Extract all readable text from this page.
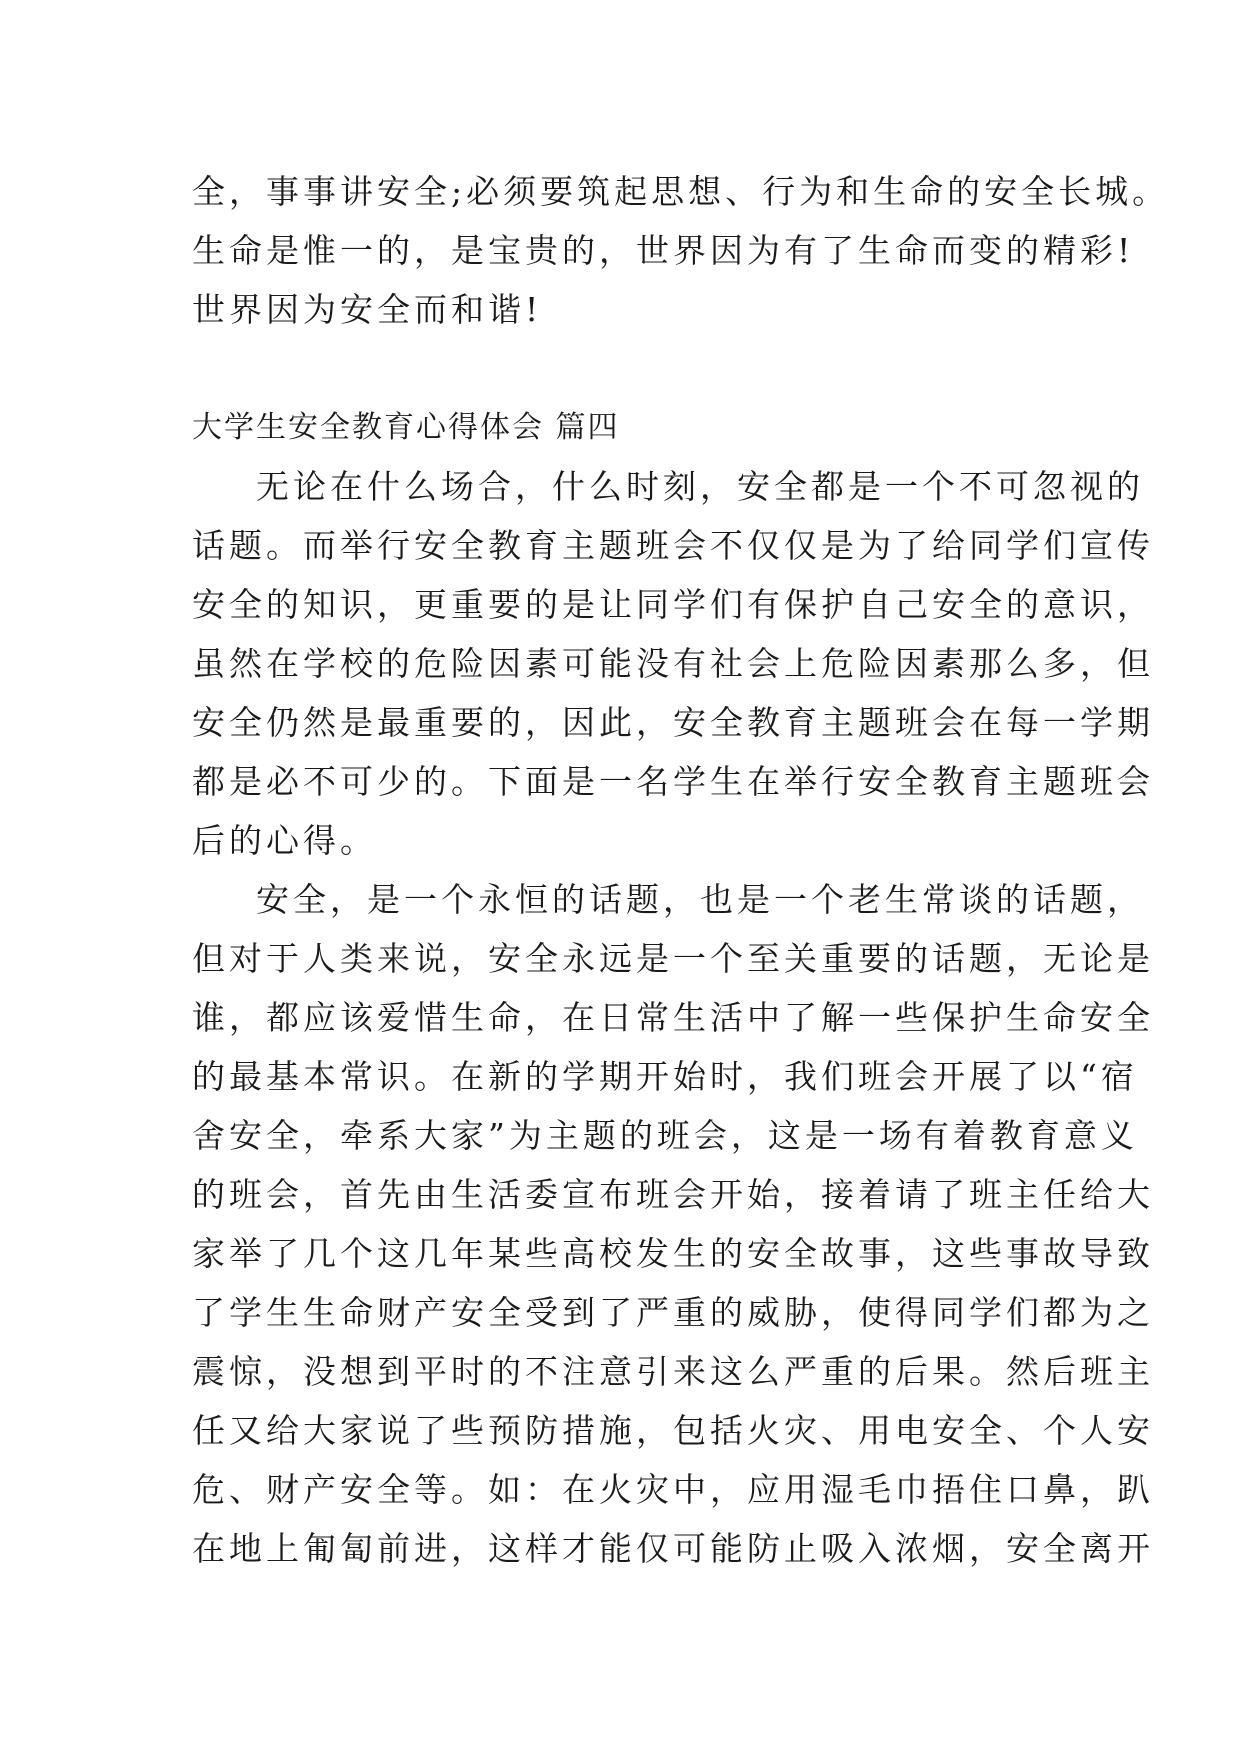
全，事事讲安全;必须要筑起思想、行为和生命的安全长城。
生命是惟一的，是宝贵的，世界因为有了生命而变的精彩!
世界因为安全而和谐!
大学生安全教育心得体会 篇四
无论在什么场合，什么时刻，安全都是一个不可忽视的
话题。而举行安全教育主题班会不仅仅是为了给同学们宣传
安全的知识，更重要的是让同学们有保护自己安全的意识，
虽然在学校的危险因素可能没有社会上危险因素那么多，但
安全仍然是最重要的，因此，安全教育主题班会在每一学期
都是必不可少的。下面是一名学生在举行安全教育主题班会
后的心得。
安全，是一个永恒的话题，也是一个老生常谈的话题，
但对于人类来说，安全永远是一个至关重要的话题，无论是
谁，都应该爱惜生命，在日常生活中了解一些保护生命安全
的最基本常识。在新的学期开始时，我们班会开展了以“宿
舍安全，牵系大家”为主题的班会，这是一场有着教育意义
的班会，首先由生活委宣布班会开始，接着请了班主任给大
家举了几个这几年某些高校发生的安全故事，这些事故导致
了学生生命财产安全受到了严重的威胁，使得同学们都为之
震惊，没想到平时的不注意引来这么严重的后果。然后班主
任又给大家说了些预防措施，包括火灾、用电安全、个人安
危、财产安全等。如：在火灾中，应用湿毛巾捂住口鼻，趴
在地上匍匐前进，这样才能仅可能防止吸入浓烟，安全离开
